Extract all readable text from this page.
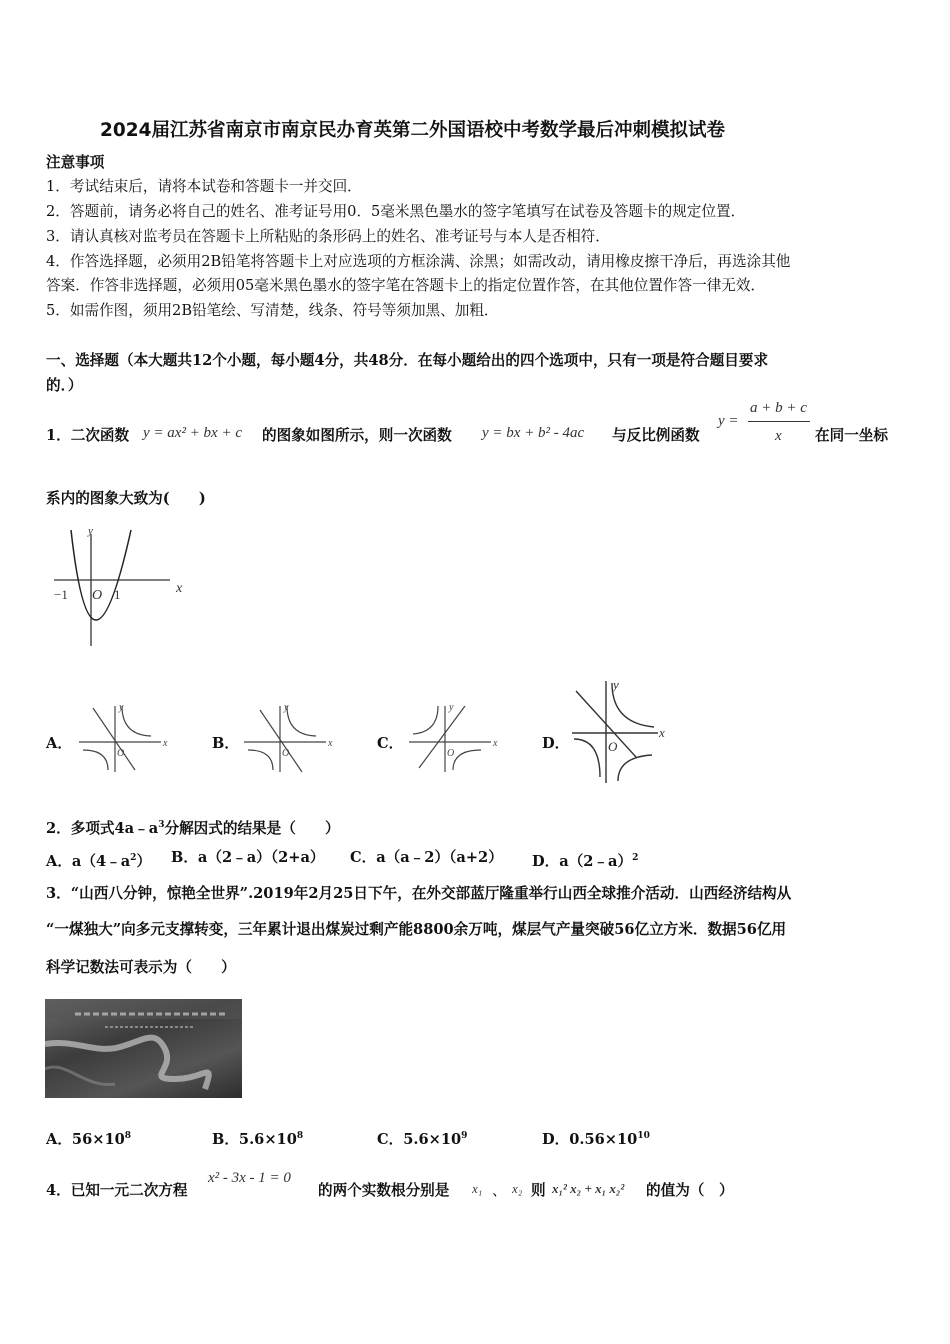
2024届江苏省南京市南京民办育英第二外国语校中考数学最后冲刺模拟试卷
注意事项
1．考试结束后，请将本试卷和答题卡一并交回．
2．答题前，请务必将自己的姓名、准考证号用0．5毫米黑色墨水的签字笔填写在试卷及答题卡的规定位置．
3．请认真核对监考员在答题卡上所粘贴的条形码上的姓名、准考证号与本人是否相符．
4．作答选择题，必须用2B铅笔将答题卡上对应选项的方框涂满、涂黑；如需改动，请用橡皮擦干净后，再选涂其他
答案．作答非选择题，必须用05毫米黑色墨水的签字笔在答题卡上的指定位置作答，在其他位置作答一律无效．
5．如需作图，须用2B铅笔绘、写清楚，线条、符号等须加黑、加粗．
一、选择题（本大题共12个小题，每小题4分，共48分．在每小题给出的四个选项中，只有一项是符合题目要求
的．）
1．二次函数 y = ax² + bx + c 的图象如图所示，则一次函数 y = bx + b² - 4ac 与反比例函数
y =
a + b + c
x 在同一坐标
系内的图象大致为(　　)
x
y
O
−1	1
A．	x
y
O
B．	x
y
O
C．	x
y
O
D．
x
y
O
2．多项式$4a﹣a^3$分解因式的结果是（　　）
A．$a(4﹣a^2)$ B．a（2﹣a）（2+a） C．a（a﹣2）（a+2） D．a（2﹣a）$^2$
3．“山西八分钟，惊艳全世界”.2019年2月25日下午，在外交部蓝厅隆重举行山西全球推介活动．山西经济结构从
“一煤独大”向多元支撑转变，三年累计退出煤炭过剩产能8800余万吨，煤层气产量突破56亿立方米．数据56亿用
科学记数法可表示为（　　）
A．$56\times 10^8$	B．$5.6\times 10^8$	C．$5.6\times 10^9$	D．$0.56\times 10^{10}$
4．已知一元二次方程
x² - 3x - 1 = 0
的两个实数根分别是 x₁ 、 x₂ 则 x₁² x₂ + x₁ x₂² 的值为（　）
